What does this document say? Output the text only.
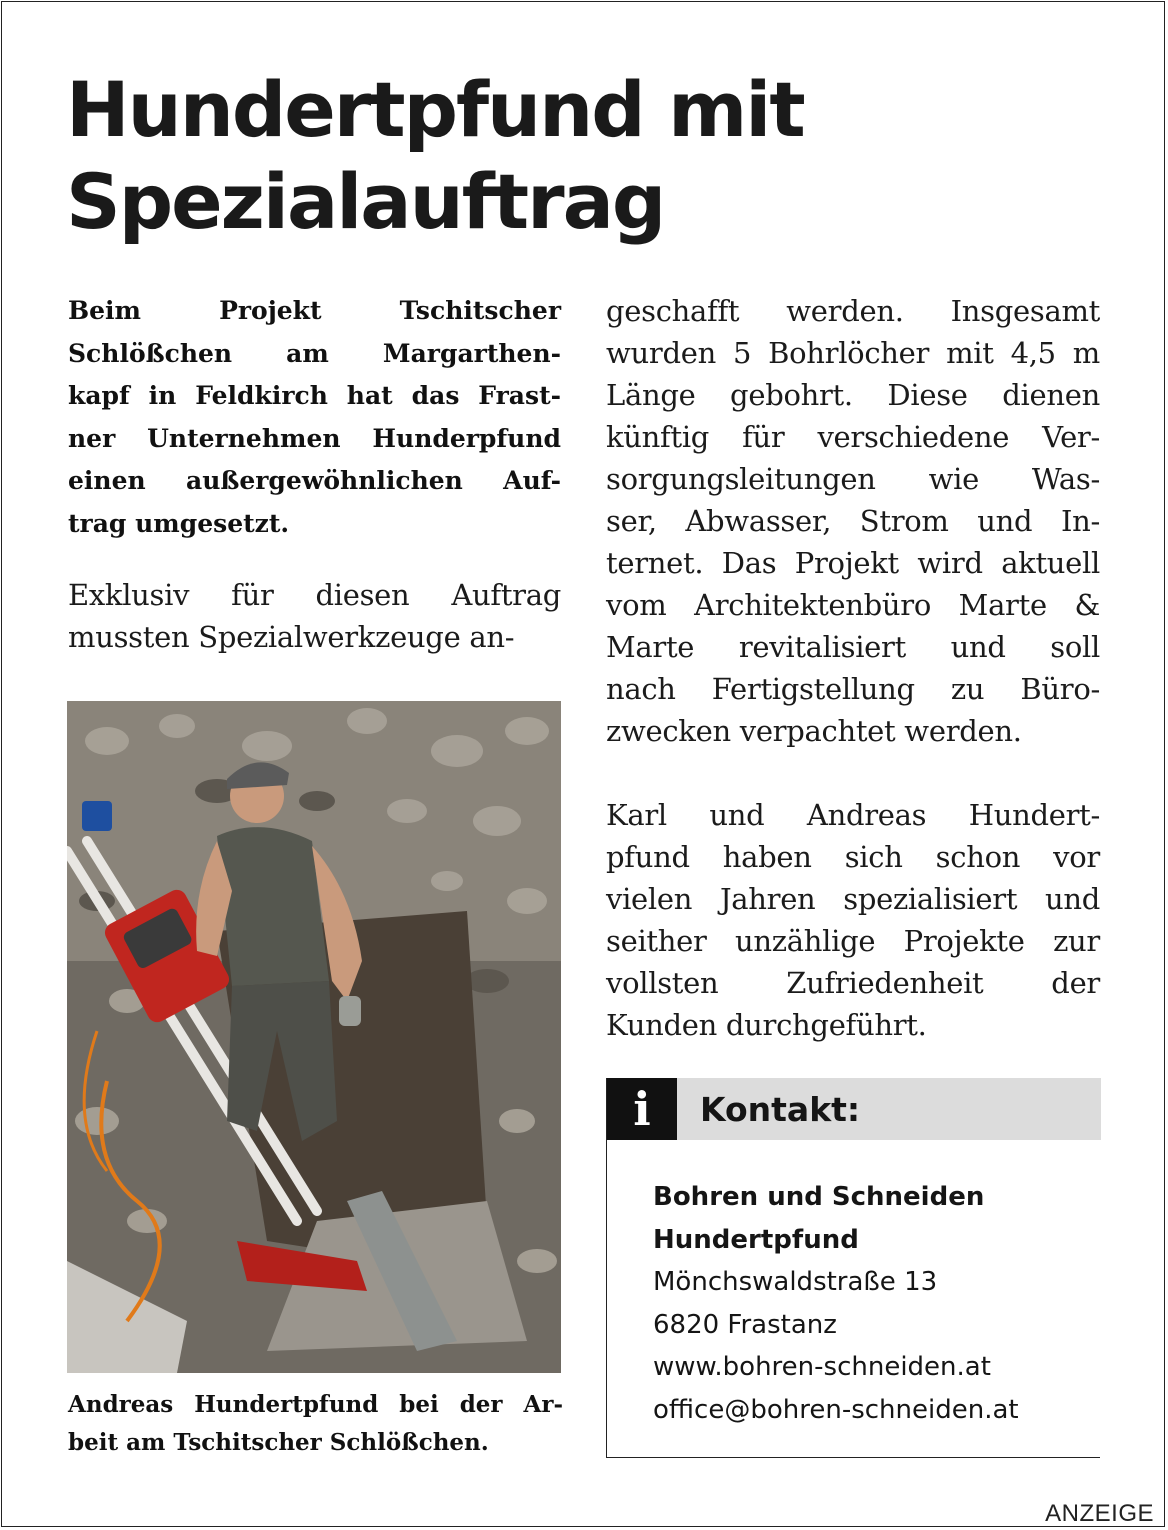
Hundertpfund mit
Spezialauftrag

Beim Projekt Tschitscher
Schlößchen am Margarthen-
kapf in Feldkirch hat das Frast-
ner Unternehmen Hunderpfund
einen außergewöhnlichen Auf-
trag umgesetzt.

Exklusiv für diesen Auftrag
mussten Spezialwerkzeuge an-

Andreas Hundertpfund bei der Ar-
beit am Tschitscher Schlößchen.

geschafft werden. Insgesamt
wurden 5 Bohrlöcher mit 4,5 m
Länge gebohrt. Diese dienen
künftig für verschiedene Ver-
sorgungsleitungen wie Was-
ser, Abwasser, Strom und In-
ternet. Das Projekt wird aktuell
vom Architektenbüro Marte &
Marte revitalisiert und soll
nach Fertigstellung zu Büro-
zwecken verpachtet werden.

Karl und Andreas Hundert-
pfund haben sich schon vor
vielen Jahren spezialisiert und
seither unzählige Projekte zur
vollsten Zufriedenheit der
Kunden durchgeführt.

i	Kontakt:
Bohren und Schneiden
Hundertpfund
Mönchswaldstraße 13
6820 Frastanz
www.bohren-schneiden.at
office@bohren-schneiden.at
ANZEIGE
